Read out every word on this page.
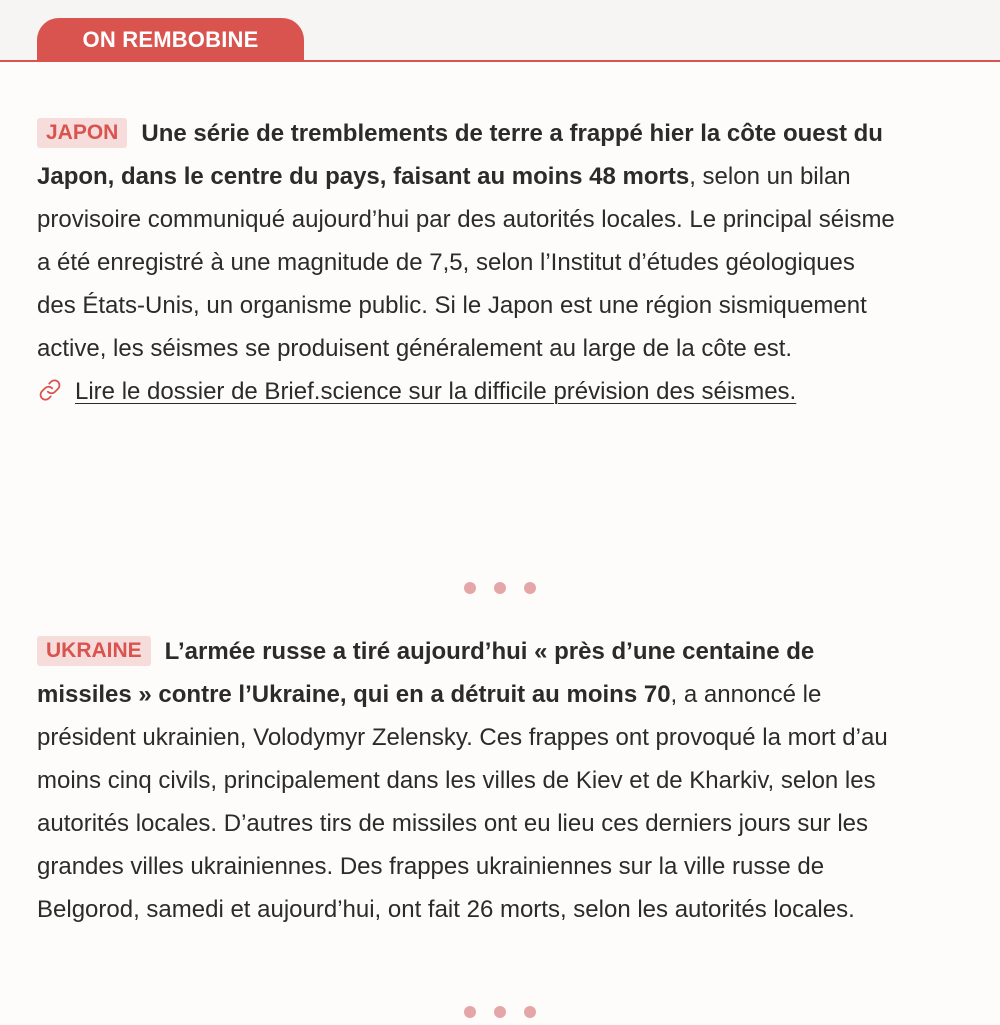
ON REMBOBINE
JAPON Une série de tremblements de terre a frappé hier la côte ouest du Japon, dans le centre du pays, faisant au moins 48 morts, selon un bilan provisoire communiqué aujourd’hui par des autorités locales. Le principal séisme a été enregistré à une magnitude de 7,5, selon l’Institut d’études géologiques des États-Unis, un organisme public. Si le Japon est une région sismiquement active, les séismes se produisent généralement au large de la côte est.
Lire le dossier de Brief.science sur la difficile prévision des séismes.
UKRAINE L’armée russe a tiré aujourd’hui « près d’une centaine de missiles » contre l’Ukraine, qui en a détruit au moins 70, a annoncé le président ukrainien, Volodymyr Zelensky. Ces frappes ont provoqué la mort d’au moins cinq civils, principalement dans les villes de Kiev et de Kharkiv, selon les autorités locales. D’autres tirs de missiles ont eu lieu ces derniers jours sur les grandes villes ukrainiennes. Des frappes ukrainiennes sur la ville russe de Belgorod, samedi et aujourd’hui, ont fait 26 morts, selon les autorités locales.
